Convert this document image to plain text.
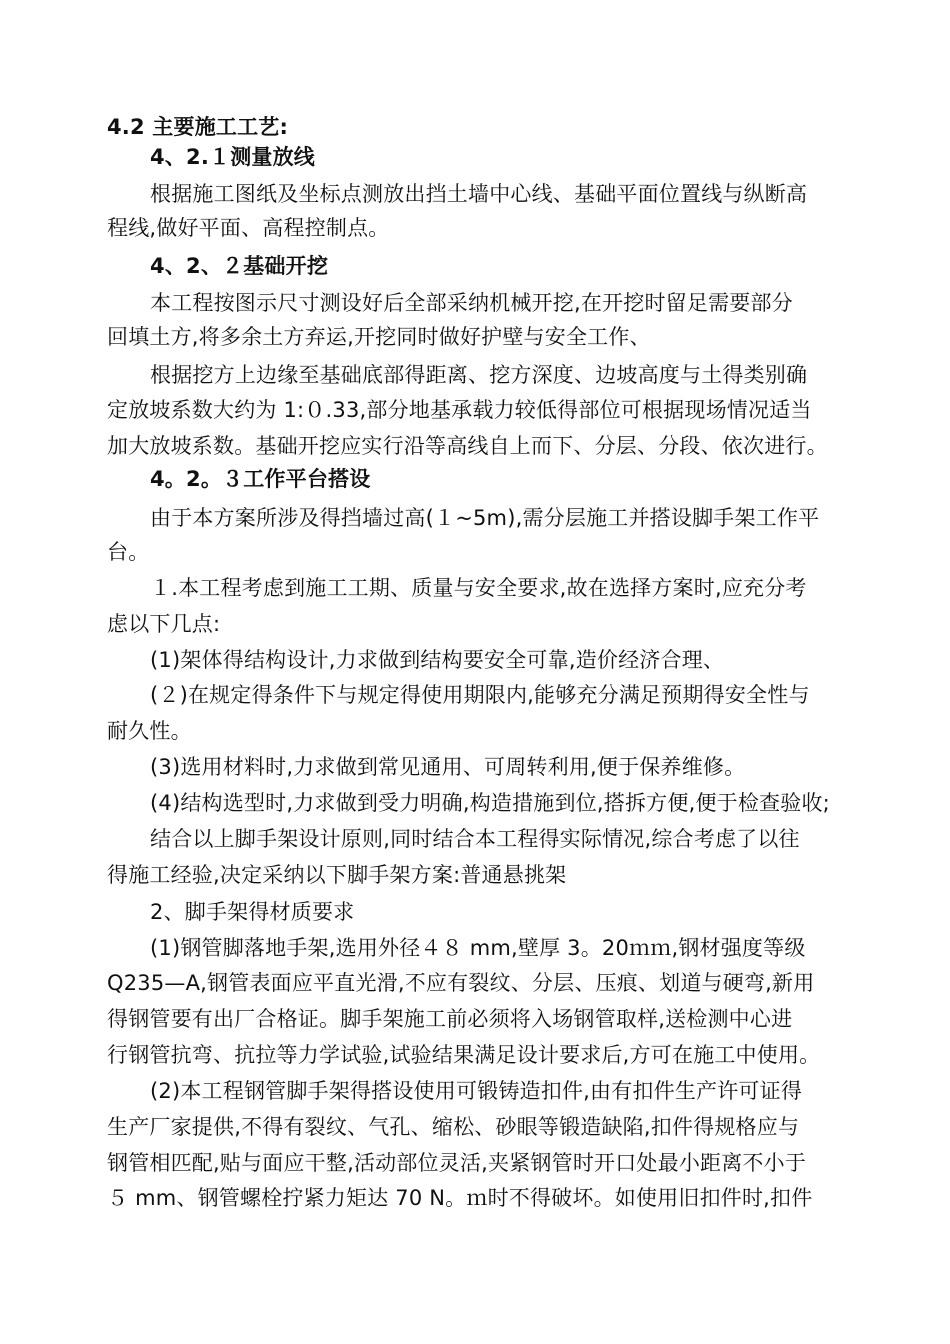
4.2 主要施工工艺:
4、2.１测量放线
根据施工图纸及坐标点测放出挡土墙中心线、基础平面位置线与纵断高
程线,做好平面、高程控制点。
4、2、２基础开挖
本工程按图示尺寸测设好后全部采纳机械开挖,在开挖时留足需要部分
回填土方,将多余土方弃运,开挖同时做好护壁与安全工作、
根据挖方上边缘至基础底部得距离、挖方深度、边坡高度与土得类别确
定放坡系数大约为 1:０.33,部分地基承载力较低得部位可根据现场情况适当
加大放坡系数。基础开挖应实行沿等高线自上而下、分层、分段、依次进行。
4。2。３工作平台搭设
由于本方案所涉及得挡墙过高(１~5m),需分层施工并搭设脚手架工作平
台。
１.本工程考虑到施工工期、质量与安全要求,故在选择方案时,应充分考
虑以下几点:
(1)架体得结构设计,力求做到结构要安全可靠,造价经济合理、
(２)在规定得条件下与规定得使用期限内,能够充分满足预期得安全性与
耐久性。
(3)选用材料时,力求做到常见通用、可周转利用,便于保养维修。
(4)结构选型时,力求做到受力明确,构造措施到位,搭拆方便,便于检查验收;
结合以上脚手架设计原则,同时结合本工程得实际情况,综合考虑了以往
得施工经验,决定采纳以下脚手架方案:普通悬挑架
2、脚手架得材质要求
(1)钢管脚落地手架,选用外径４８ mm,壁厚 3。20ｍｍ,钢材强度等级
Q235—A,钢管表面应平直光滑,不应有裂纹、分层、压痕、划道与硬弯,新用
得钢管要有出厂合格证。脚手架施工前必须将入场钢管取样,送检测中心进
行钢管抗弯、抗拉等力学试验,试验结果满足设计要求后,方可在施工中使用。
(2)本工程钢管脚手架得搭设使用可锻铸造扣件,由有扣件生产许可证得
生产厂家提供,不得有裂纹、气孔、缩松、砂眼等锻造缺陷,扣件得规格应与
钢管相匹配,贴与面应干整,活动部位灵活,夹紧钢管时开口处最小距离不小于
５ mm、钢管螺栓拧紧力矩达 70 N。ｍ时不得破坏。如使用旧扣件时,扣件
